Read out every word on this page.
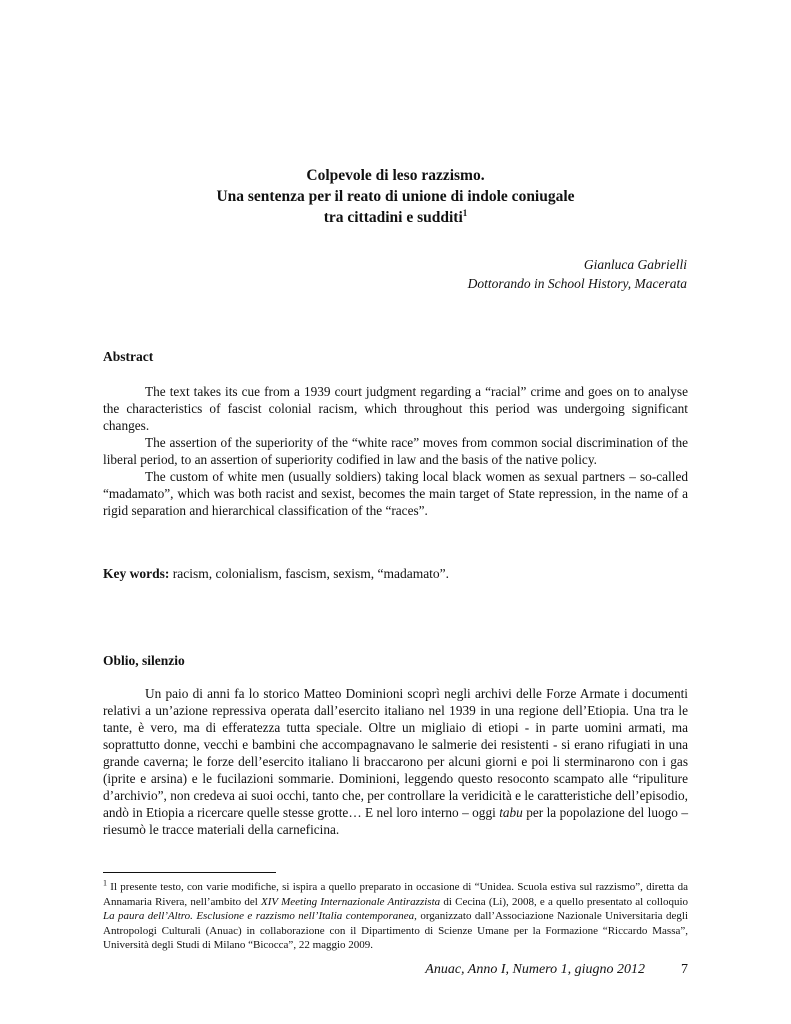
Colpevole di leso razzismo.
Una sentenza per il reato di unione di indole coniugale
tra cittadini e sudditi$^1$
Gianluca Gabrielli
Dottorando in School History, Macerata
Abstract

The text takes its cue from a 1939 court judgment regarding a “racial” crime and goes on to analyse the characteristics of fascist colonial racism, which throughout this period was undergoing significant changes.

The assertion of the superiority of the “white race” moves from common social discrimination of the liberal period, to an assertion of superiority codified in law and the basis of the native policy.

The custom of white men (usually soldiers) taking local black women as sexual partners – so-called “madamato”, which was both racist and sexist, becomes the main target of State repression, in the name of a rigid separation and hierarchical classification of the “races”.

Key words: racism, colonialism, fascism, sexism, “madamato”.
Oblio, silenzio

Un paio di anni fa lo storico Matteo Dominioni scoprì negli archivi delle Forze Armate i documenti relativi a un’azione repressiva operata dall’esercito italiano nel 1939 in una regione dell’Etiopia. Una tra le tante, è vero, ma di efferatezza tutta speciale. Oltre un migliaio di etiopi - in parte uomini armati, ma soprattutto donne, vecchi e bambini che accompagnavano le salmerie dei resistenti - si erano rifugiati in una grande caverna; le forze dell’esercito italiano li braccarono per alcuni giorni e poi li sterminarono con i gas (iprite e arsina) e le fucilazioni sommarie. Dominioni, leggendo questo resoconto scampato alle “ripuliture d’archivio”, non credeva ai suoi occhi, tanto che, per controllare la veridicità e le caratteristiche dell’episodio, andò in Etiopia a ricercare quelle stesse grotte… E nel loro interno – oggi tabu per la popolazione del luogo – riesumò le tracce materiali della carneficina.

$^1$ Il presente testo, con varie modifiche, si ispira a quello preparato in occasione di “Unidea. Scuola estiva sul razzismo”, diretta da Annamaria Rivera, nell’ambito del XIV Meeting Internazionale Antirazzista di Cecina (Li), 2008, e a quello presentato al colloquio La paura dell’Altro. Esclusione e razzismo nell’Italia contemporanea, organizzato dall’Associazione Nazionale Universitaria degli Antropologi Culturali (Anuac) in collaborazione con il Dipartimento di Scienze Umane per la Formazione “Riccardo Massa”, Università degli Studi di Milano “Bicocca”, 22 maggio 2009.
Anuac, Anno I, Numero 1, giugno 2012	7
